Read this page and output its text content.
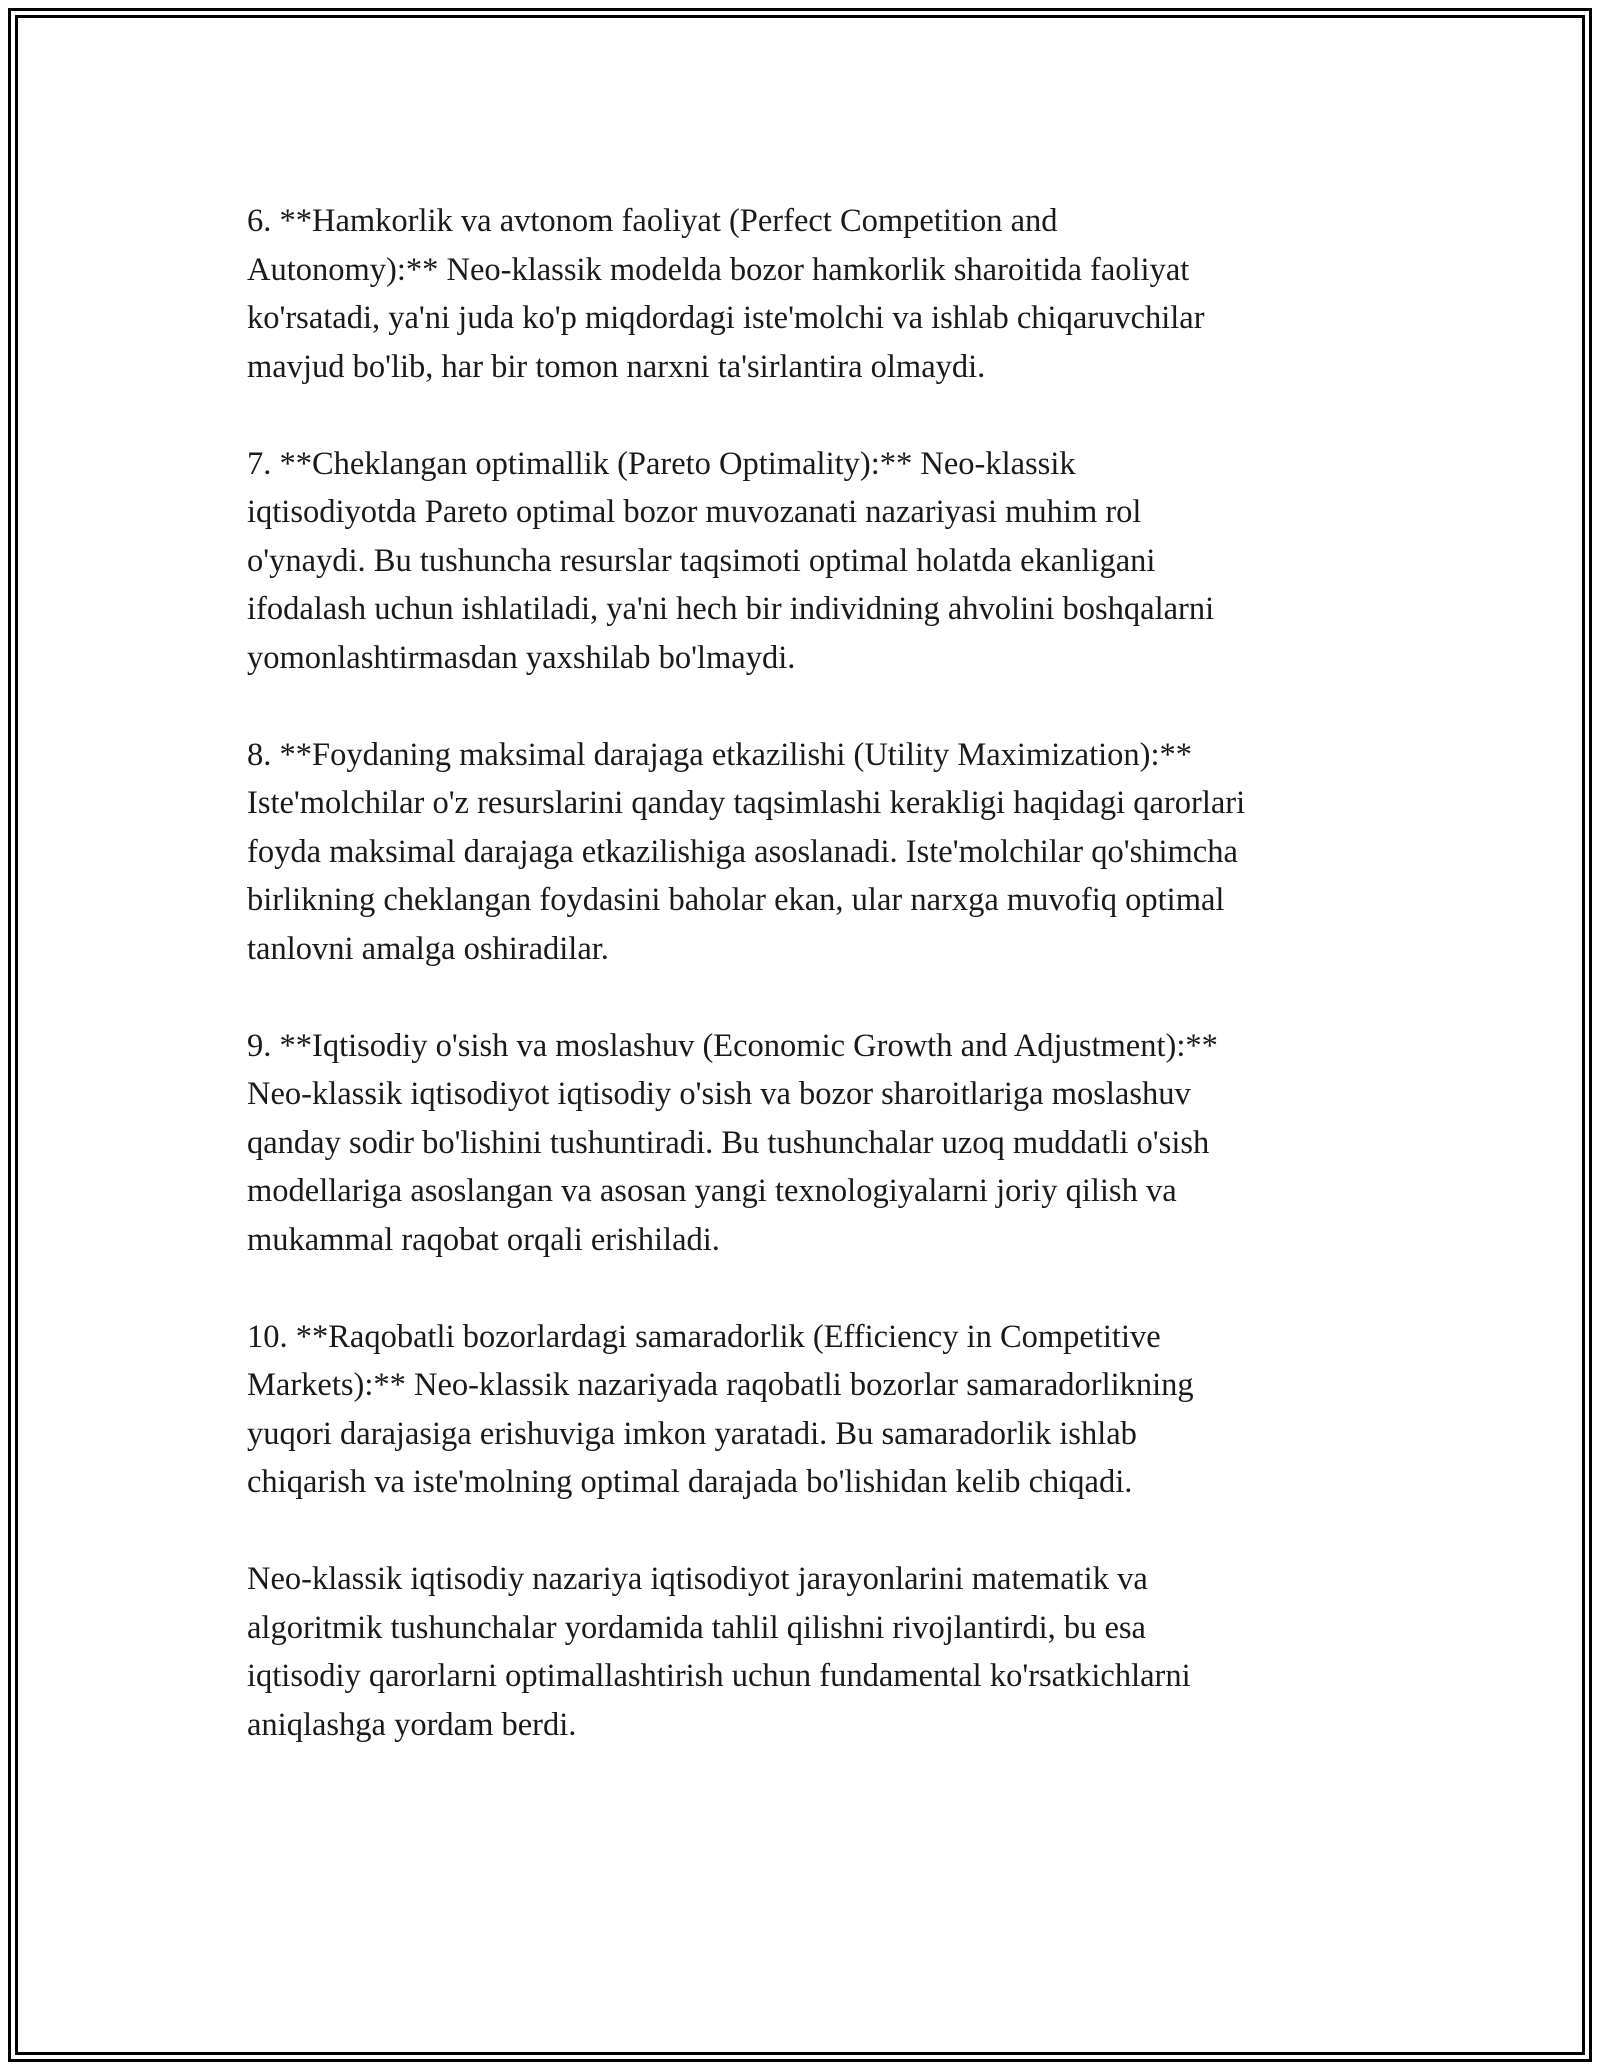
6. **Hamkorlik va avtonom faoliyat (Perfect Competition and
Autonomy):** Neo-klassik modelda bozor hamkorlik sharoitida faoliyat
ko'rsatadi, ya'ni juda ko'p miqdordagi iste'molchi va ishlab chiqaruvchilar
mavjud bo'lib, har bir tomon narxni ta'sirlantira olmaydi.

7. **Cheklangan optimallik (Pareto Optimality):** Neo-klassik
iqtisodiyotda Pareto optimal bozor muvozanati nazariyasi muhim rol
o'ynaydi. Bu tushuncha resurslar taqsimoti optimal holatda ekanligani
ifodalash uchun ishlatiladi, ya'ni hech bir individning ahvolini boshqalarni
yomonlashtirmasdan yaxshilab bo'lmaydi.

8. **Foydaning maksimal darajaga etkazilishi (Utility Maximization):**
Iste'molchilar o'z resurslarini qanday taqsimlashi kerakligi haqidagi qarorlari
foyda maksimal darajaga etkazilishiga asoslanadi. Iste'molchilar qo'shimcha
birlikning cheklangan foydasini baholar ekan, ular narxga muvofiq optimal
tanlovni amalga oshiradilar.

9. **Iqtisodiy o'sish va moslashuv (Economic Growth and Adjustment):**
Neo-klassik iqtisodiyot iqtisodiy o'sish va bozor sharoitlariga moslashuv
qanday sodir bo'lishini tushuntiradi. Bu tushunchalar uzoq muddatli o'sish
modellariga asoslangan va asosan yangi texnologiyalarni joriy qilish va
mukammal raqobat orqali erishiladi.

10. **Raqobatli bozorlardagi samaradorlik (Efficiency in Competitive
Markets):** Neo-klassik nazariyada raqobatli bozorlar samaradorlikning
yuqori darajasiga erishuviga imkon yaratadi. Bu samaradorlik ishlab
chiqarish va iste'molning optimal darajada bo'lishidan kelib chiqadi.

Neo-klassik iqtisodiy nazariya iqtisodiyot jarayonlarini matematik va
algoritmik tushunchalar yordamida tahlil qilishni rivojlantirdi, bu esa
iqtisodiy qarorlarni optimallashtirish uchun fundamental ko'rsatkichlarni
aniqlashga yordam berdi.
